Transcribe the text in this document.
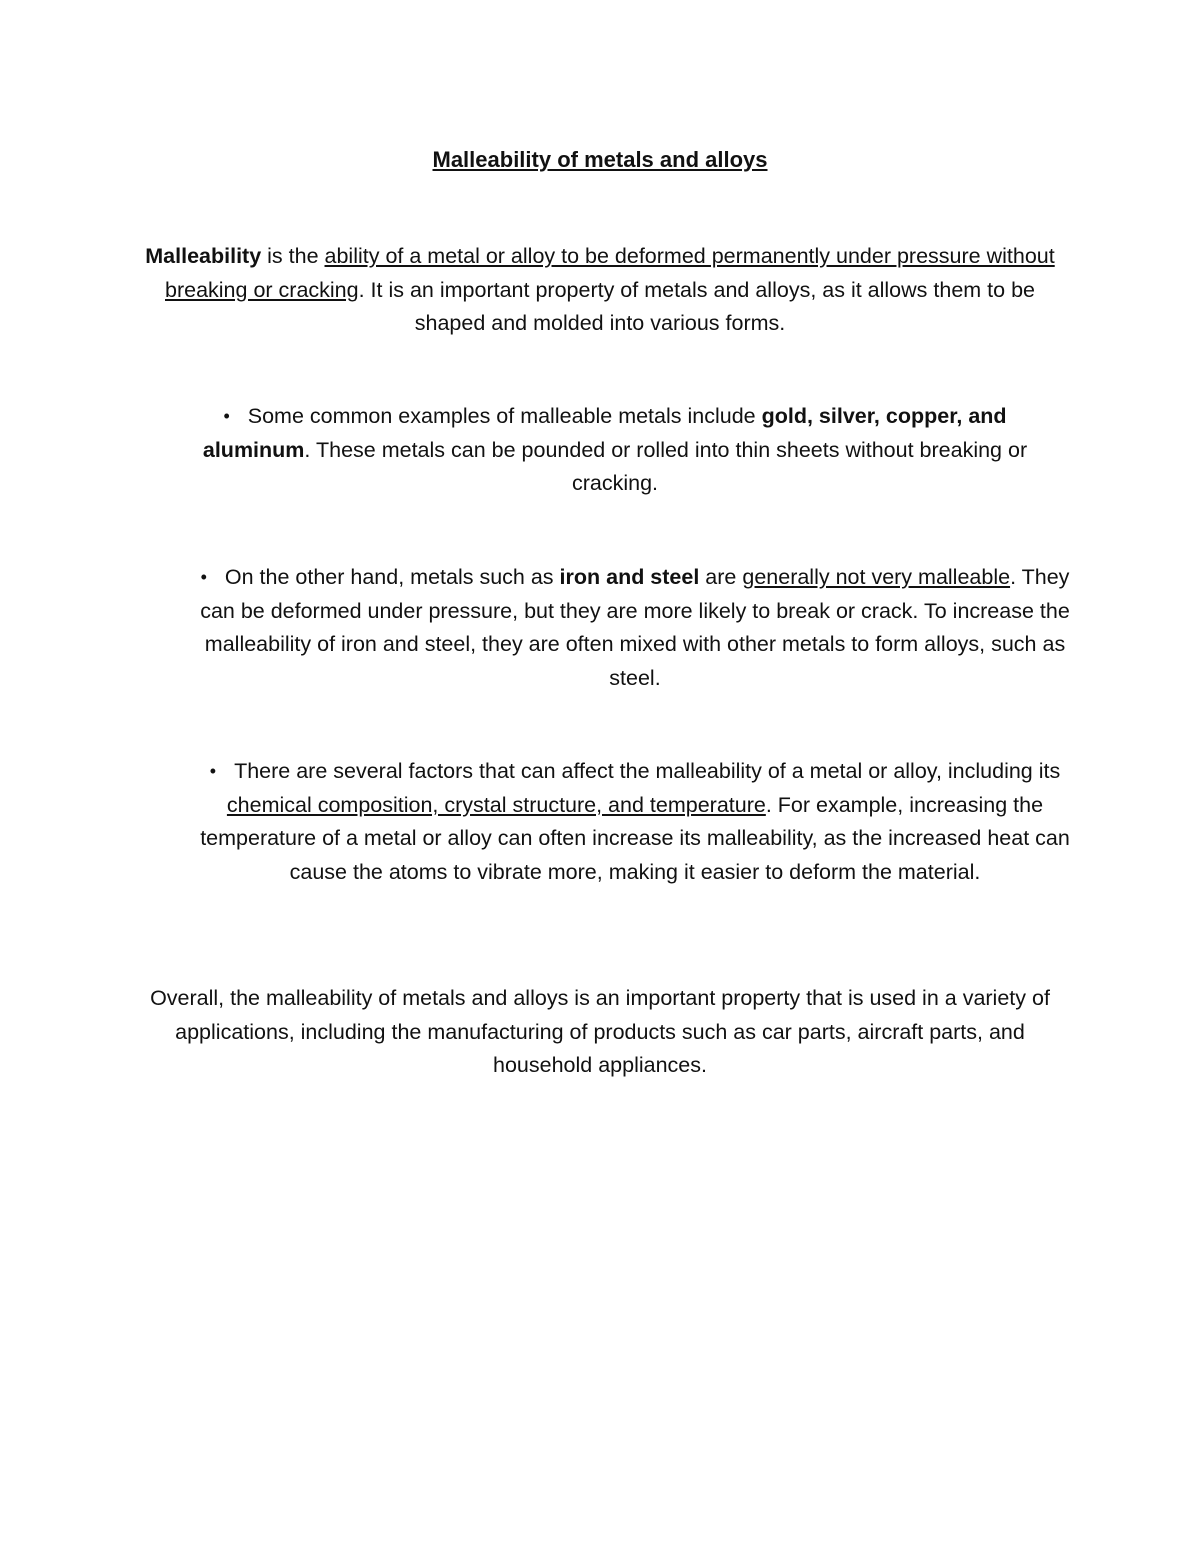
Malleability of metals and alloys

Malleability is the ability of a metal or alloy to be deformed permanently under pressure without breaking or cracking. It is an important property of metals and alloys, as it allows them to be shaped and molded into various forms.

• Some common examples of malleable metals include gold, silver, copper, and aluminum. These metals can be pounded or rolled into thin sheets without breaking or cracking.
• On the other hand, metals such as iron and steel are generally not very malleable. They can be deformed under pressure, but they are more likely to break or crack. To increase the malleability of iron and steel, they are often mixed with other metals to form alloys, such as steel.
• There are several factors that can affect the malleability of a metal or alloy, including its chemical composition, crystal structure, and temperature. For example, increasing the temperature of a metal or alloy can often increase its malleability, as the increased heat can cause the atoms to vibrate more, making it easier to deform the material.

Overall, the malleability of metals and alloys is an important property that is used in a variety of applications, including the manufacturing of products such as car parts, aircraft parts, and household appliances.
